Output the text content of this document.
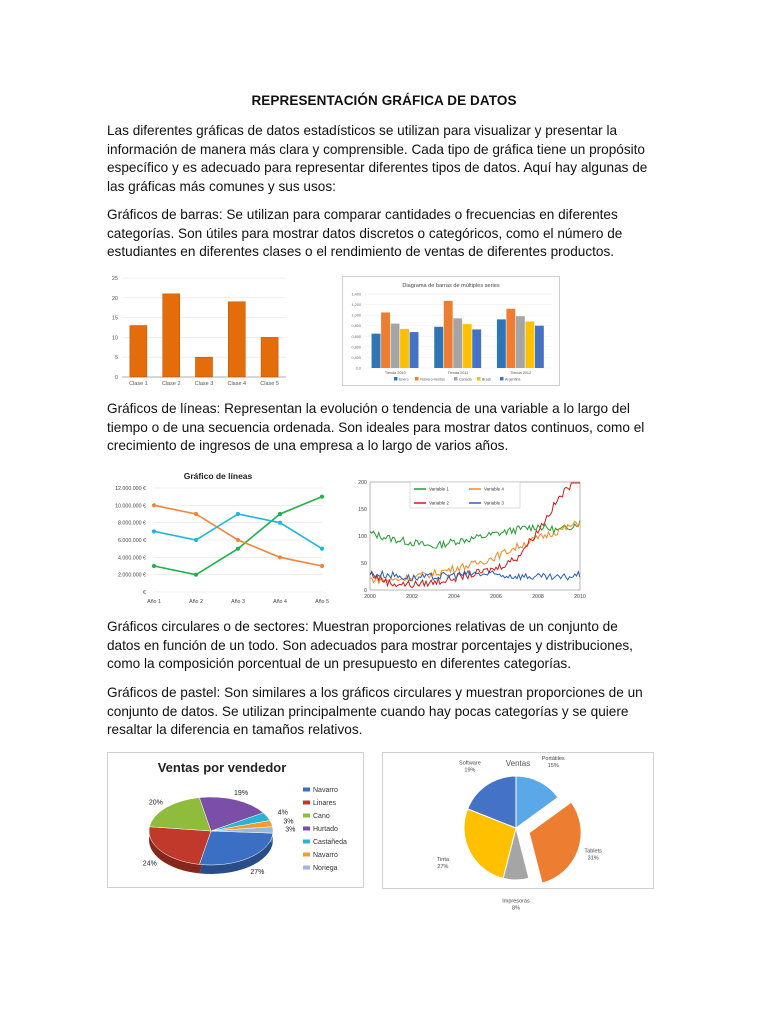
REPRESENTACIÓN GRÁFICA DE DATOS
Las diferentes gráficas de datos estadísticos se utilizan para visualizar y presentar la información de manera más clara y comprensible. Cada tipo de gráfica tiene un propósito específico y es adecuado para representar diferentes tipos de datos. Aquí hay algunas de las gráficas más comunes y sus usos:
Gráficos de barras: Se utilizan para comparar cantidades o frecuencias en diferentes categorías. Son útiles para mostrar datos discretos o categóricos, como el número de estudiantes en diferentes clases o el rendimiento de ventas de diferentes productos.
0
5
10
15
20
25
Clase 1	Clase 2	Clase 3	Clase 4	Clase 5
Diagrama de barras de múltiples series
0,0
0,400
0,800
0,600
0,800
1,000
1,200
1,400
Tienda 2010	Tienda 2011	Tienda 2012
Enero	Febrero-Ventas	Canada	Brasil	Argentina
Gráficos de líneas: Representan la evolución o tendencia de una variable a lo largo del tiempo o de una secuencia ordenada. Son ideales para mostrar datos continuos, como el crecimiento de ingresos de una empresa a lo largo de varios años.
Gráfico de líneas
€
2.000.000 €
4.000.000 €
6.000.000 €
8.000.000 €
10.000.000 €
12.000.000 €
Año 1	Año 2	Año 3	Año 4	Año 5
0
50
100
150
200
2000	2002	2004	2006	2008	2010
Variable 1	Variable 4
Variable 2	Variable 3
Gráficos circulares o de sectores: Muestran proporciones relativas de un conjunto de datos en función de un todo. Son adecuados para mostrar porcentajes y distribuciones, como la composición porcentual de un presupuesto en diferentes categorías.
Gráficos de pastel: Son similares a los gráficos circulares y muestran proporciones de un conjunto de datos. Se utilizan principalmente cuando hay pocas categorías y se quiere resaltar la diferencia en tamaños relativos.
Ventas por vendedor
27%
24%
20%
19%
4%
3%
3%
Navarro
Linares
Cano
Hurtado
Castañeda
Navarro
Noriega
Ventas
Portátiles
15%
Tablets
31%
Impresoras
8%
Tinta
27%
Software
19%
